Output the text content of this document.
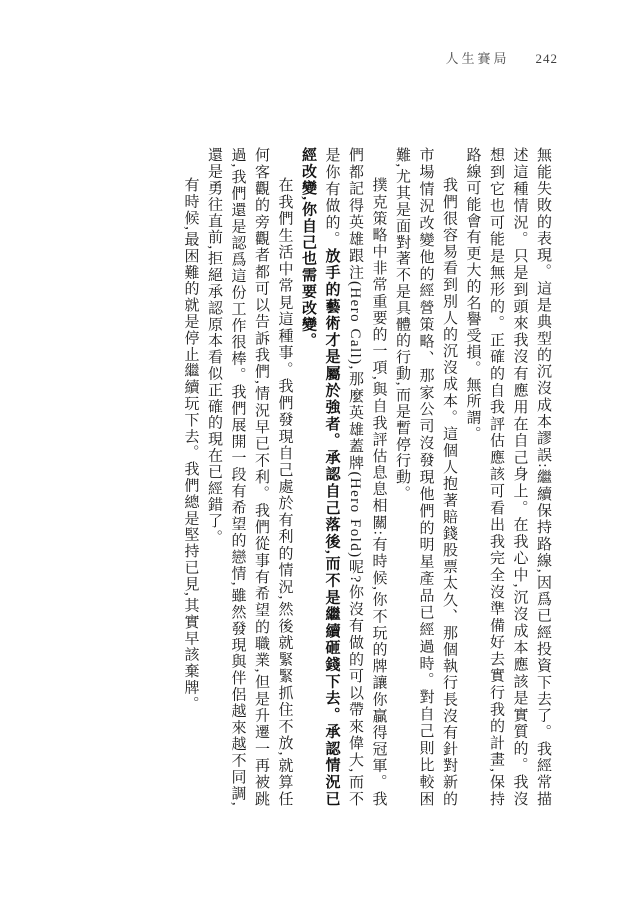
人生賽局 242

無能失敗的表現。這是典型的沉沒成本謬誤:繼續保持路線,因爲已經投資下去了。我經常描述這種情況。只是到頭來我沒有應用在自己身上。在我心中,沉沒成本應該是實質的。我沒想到它也可能是無形的。正確的自我評估應該可看出我完全沒準備好去實行我的計畫,保持路線可能會有更大的名譽受損。無所謂。

我們很容易看到別人的沉沒成本。這個人抱著賠錢股票太久、那個執行長沒有針對新的市場情況改變他的經營策略、那家公司沒發現他們的明星產品已經過時。對自己則比較困難,尤其是面對著不是具體的行動,而是暫停行動。

撲克策略中非常重要的一項,與自我評估息息相關:有時候,你不玩的牌讓你贏得冠軍。我們都記得英雄跟注(Hero Call),那麼英雄蓋牌(Hero Fold)呢?你沒有做的可以帶來偉大,而不是你有做的。放手的藝術才是屬於強者。承認自己落後,而不是繼續砸錢下去。承認情況已經改變,你自己也需要改變。

在我們生活中常見這種事。我們發現自己處於有利的情況,然後就緊緊抓住不放,就算任何客觀的旁觀者都可以告訴我們,情況早已不利。我們從事有希望的職業,但是升遷一再被跳過,我們還是認爲這份工作很棒。我們展開一段有希望的戀情,雖然發現與伴侶越來越不同調,還是勇往直前,拒絕承認原本看似正確的現在已經錯了。

有時候,最困難的就是停止繼續玩下去。我們總是堅持已見,其實早該棄牌。
